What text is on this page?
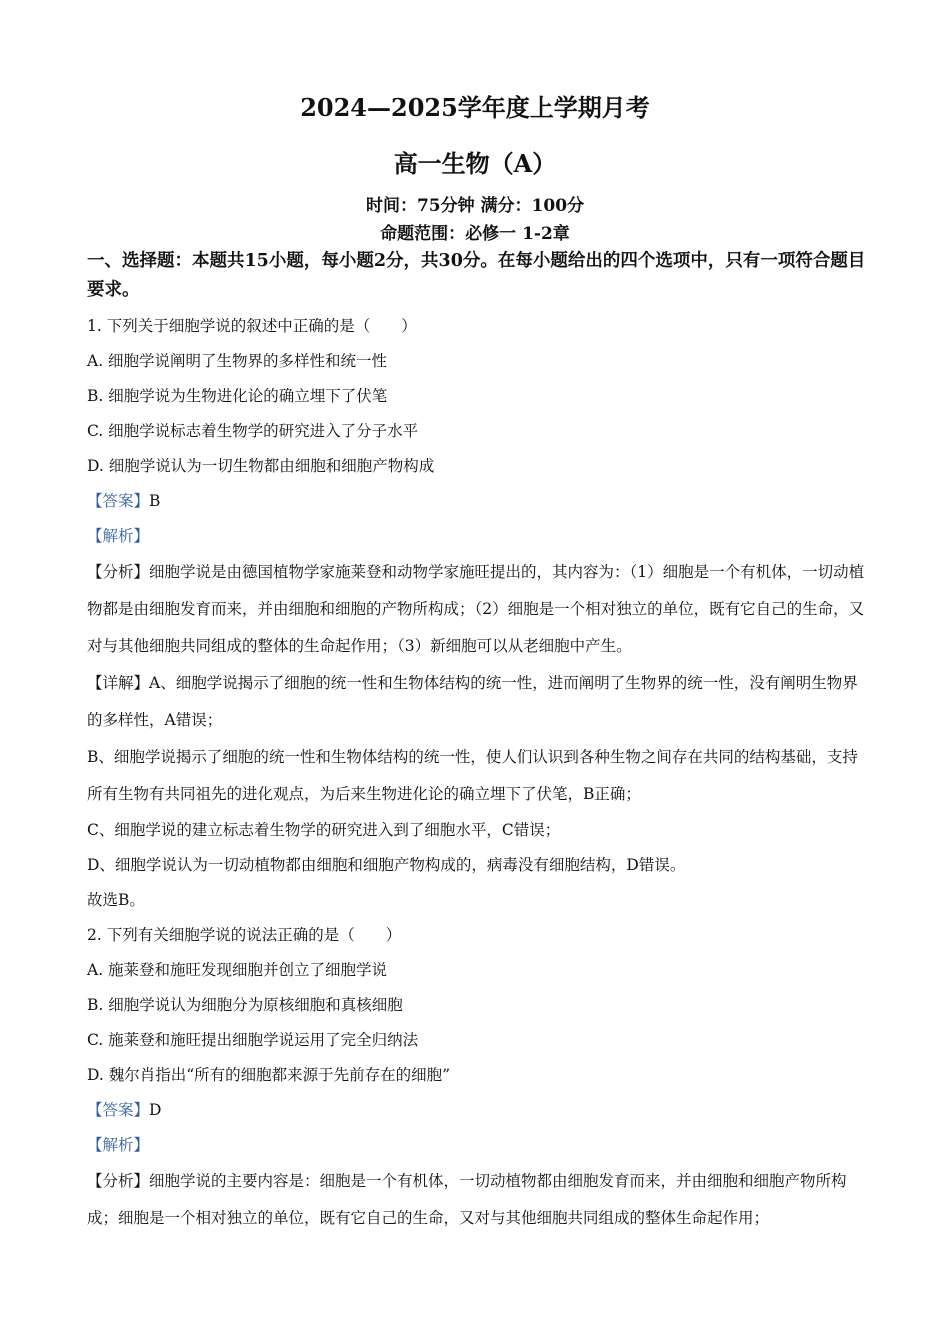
2024—2025学年度上学期月考
高一生物（A）
时间：75分钟 满分：100分
命题范围：必修一 1-2章

一、选择题：本题共15小题，每小题2分，共30分。在每小题给出的四个选项中，只有一项符合题目要求。

1. 下列关于细胞学说的叙述中正确的是（　　）

A. 细胞学说阐明了生物界的多样性和统一性

B. 细胞学说为生物进化论的确立埋下了伏笔

C. 细胞学说标志着生物学的研究进入了分子水平

D. 细胞学说认为一切生物都由细胞和细胞产物构成

【答案】B

【解析】

【分析】细胞学说是由德国植物学家施莱登和动物学家施旺提出的，其内容为：（1）细胞是一个有机体，一切动植物都是由细胞发育而来，并由细胞和细胞的产物所构成；（2）细胞是一个相对独立的单位，既有它自己的生命，又对与其他细胞共同组成的整体的生命起作用；（3）新细胞可以从老细胞中产生。

【详解】A、细胞学说揭示了细胞的统一性和生物体结构的统一性，进而阐明了生物界的统一性，没有阐明生物界的多样性，A错误；

B、细胞学说揭示了细胞的统一性和生物体结构的统一性，使人们认识到各种生物之间存在共同的结构基础，支持所有生物有共同祖先的进化观点，为后来生物进化论的确立埋下了伏笔，B正确；

C、细胞学说的建立标志着生物学的研究进入到了细胞水平，C错误；

D、细胞学说认为一切动植物都由细胞和细胞产物构成的，病毒没有细胞结构，D错误。

故选B。

2. 下列有关细胞学说的说法正确的是（　　）

A. 施莱登和施旺发现细胞并创立了细胞学说

B. 细胞学说认为细胞分为原核细胞和真核细胞

C. 施莱登和施旺提出细胞学说运用了完全归纳法

D. 魏尔肖指出“所有的细胞都来源于先前存在的细胞”

【答案】D

【解析】

【分析】细胞学说的主要内容是：细胞是一个有机体，一切动植物都由细胞发育而来，并由细胞和细胞产物所构成；细胞是一个相对独立的单位，既有它自己的生命，又对与其他细胞共同组成的整体生命起作用；
